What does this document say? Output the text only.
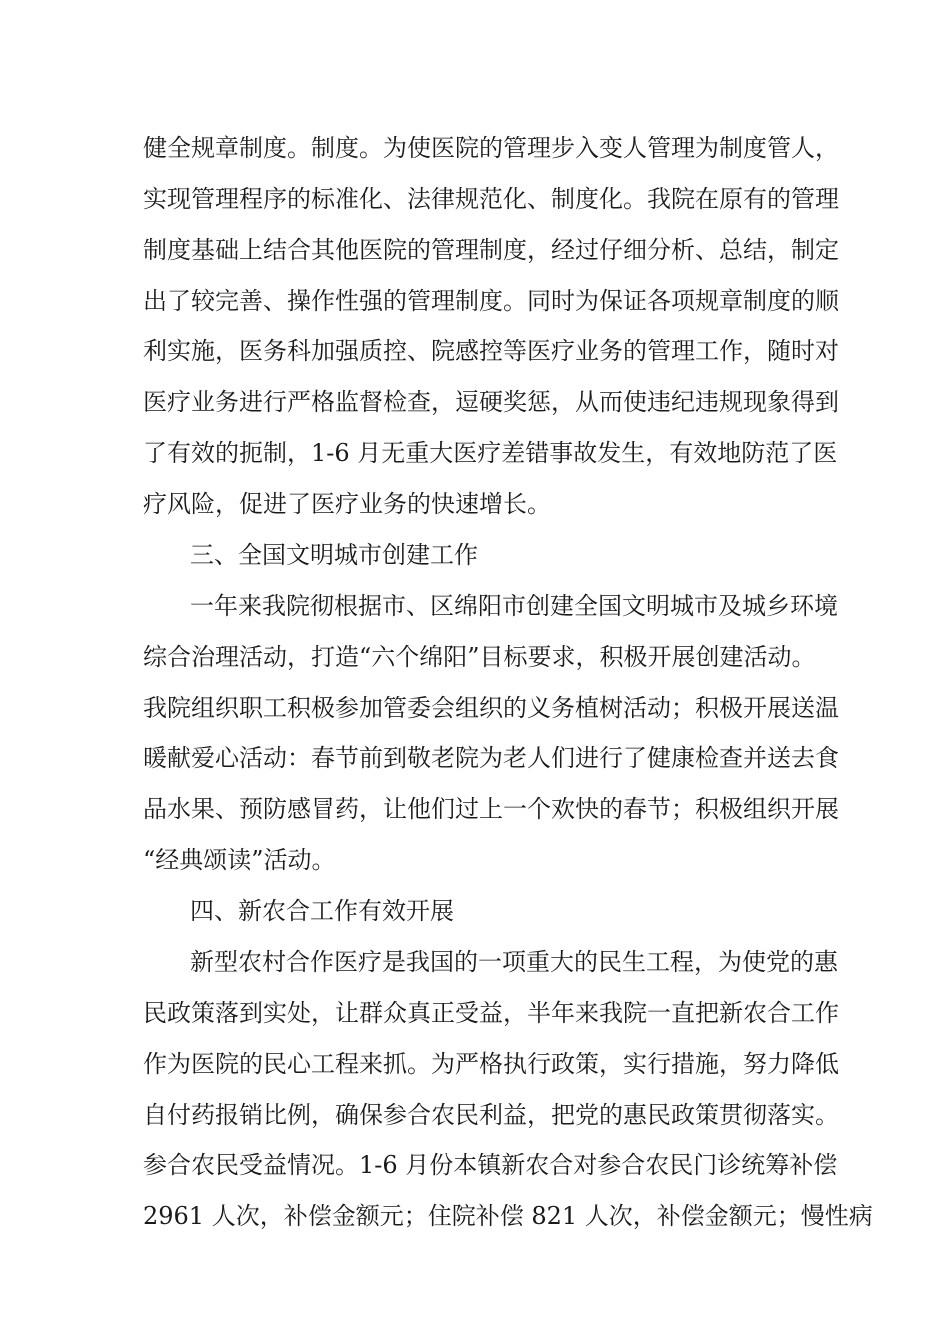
健全规章制度。制度。为使医院的管理步入变人管理为制度管人，
实现管理程序的标准化、法律规范化、制度化。我院在原有的管理
制度基础上结合其他医院的管理制度，经过仔细分析、总结，制定
出了较完善、操作性强的管理制度。同时为保证各项规章制度的顺
利实施，医务科加强质控、院感控等医疗业务的管理工作，随时对
医疗业务进行严格监督检查，逗硬奖惩，从而使违纪违规现象得到
了有效的扼制，1-6 月无重大医疗差错事故发生，有效地防范了医
疗风险，促进了医疗业务的快速增长。
三、全国文明城市创建工作
一年来我院彻根据市、区绵阳市创建全国文明城市及城乡环境
综合治理活动，打造“六个绵阳”目标要求，积极开展创建活动。
我院组织职工积极参加管委会组织的义务植树活动；积极开展送温
暖献爱心活动：春节前到敬老院为老人们进行了健康检查并送去食
品水果、预防感冒药，让他们过上一个欢快的春节；积极组织开展
“经典颂读”活动。
四、新农合工作有效开展
新型农村合作医疗是我国的一项重大的民生工程，为使党的惠
民政策落到实处，让群众真正受益，半年来我院一直把新农合工作
作为医院的民心工程来抓。为严格执行政策，实行措施，努力降低
自付药报销比例，确保参合农民利益，把党的惠民政策贯彻落实。
参合农民受益情况。1-6 月份本镇新农合对参合农民门诊统筹补偿
2961 人次，补偿金额元；住院补偿 821 人次，补偿金额元；慢性病
